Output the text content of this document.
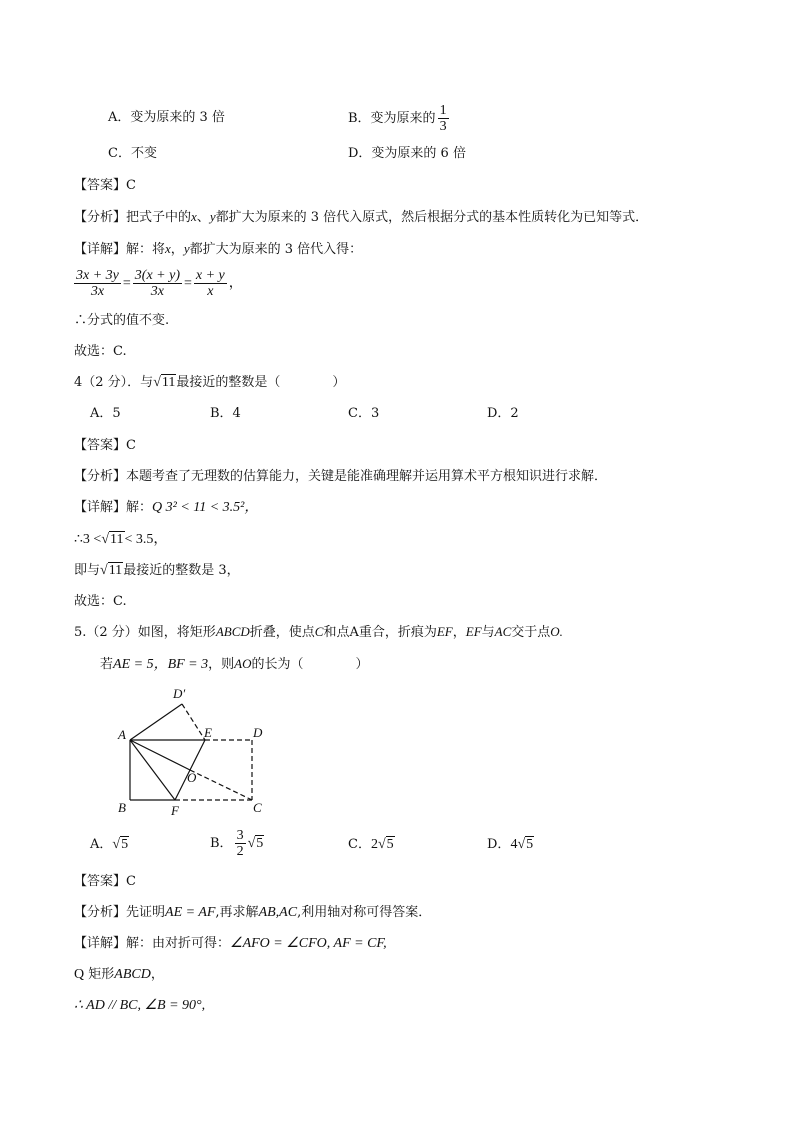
A．变为原来的 3 倍	B．变为原来的 $\frac{1}{3}$
C．不变	D．变为原来的 6 倍
【答案】C
【分析】把式子中的x、y都扩大为原来的 3 倍代入原式，然后根据分式的基本性质转化为已知等式．
【详解】解：将x，y都扩大为原来的 3 倍代入得：
$\frac{3x + 3y}{3x} = \frac{3(x + y)}{3x} = \frac{x + y}{x}$ ，
∴分式的值不变.
故选：C.
4（2 分）．与√11最接近的整数是（　　　　）
A．5	B．4	C．3	D．2
【答案】C
【分析】本题考查了无理数的估算能力，关键是能准确理解并运用算术平方根知识进行求解．
【详解】解：Q 3² < 11 < 3.5²，
∴3 <√11< 3.5，
即与√11最接近的整数是 3，
故选：C.
5.（2 分）如图，将矩形ABCD折叠，使点C和点A重合，折痕为EF，EF与AC交于点O.
若AE = 5，BF = 3，则AO的长为（　　　　）
A
B	C
D
D′
E
F
O
A．√5	B． $\frac{3}{2} √5$	C．2√5	D．4√5
【答案】C
【分析】先证明AE = AF,再求解AB,AC,利用轴对称可得答案．
【详解】解：由对折可得：∠AFO = ∠CFO, AF = CF,
Q 矩形ABCD，
∴ AD // BC, ∠B = 90°,
